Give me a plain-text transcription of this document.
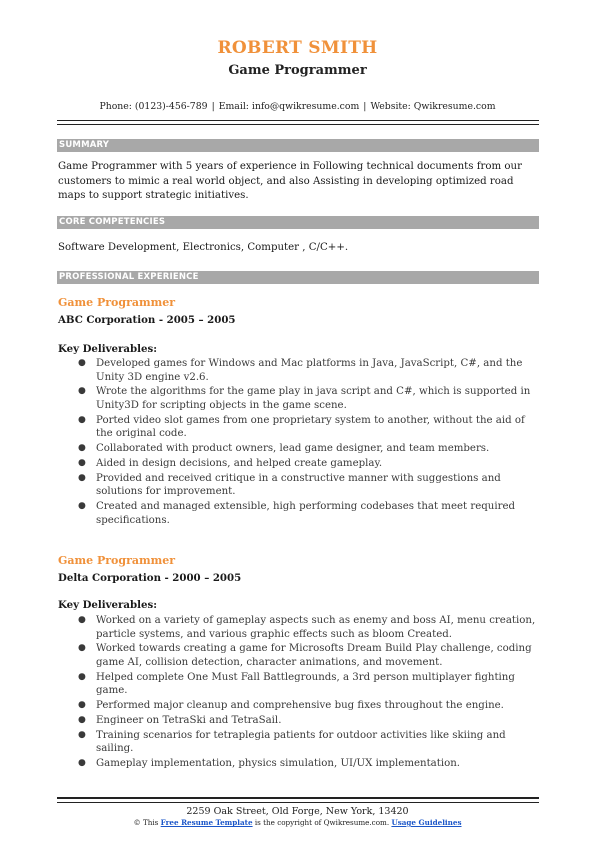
ROBERT SMITH
Game Programmer
Phone: (0123)-456-789 | Email: info@qwikresume.com | Website: Qwikresume.com
SUMMARY
Game Programmer with 5 years of experience in Following technical documents from our customers to mimic a real world object, and also Assisting in developing optimized road maps to support strategic initiatives.
CORE COMPETENCIES
Software Development, Electronics, Computer , C/C++.
PROFESSIONAL EXPERIENCE
Game Programmer
ABC Corporation - 2005 – 2005
Key Deliverables:
● Developed games for Windows and Mac platforms in Java, JavaScript, C#, and the Unity 3D engine v2.6.
● Wrote the algorithms for the game play in java script and C#, which is supported in Unity3D for scripting objects in the game scene.
● Ported video slot games from one proprietary system to another, without the aid of the original code.
● Collaborated with product owners, lead game designer, and team members.
● Aided in design decisions, and helped create gameplay.
● Provided and received critique in a constructive manner with suggestions and solutions for improvement.
● Created and managed extensible, high performing codebases that meet required specifications.
Game Programmer
Delta Corporation - 2000 – 2005
Key Deliverables:
● Worked on a variety of gameplay aspects such as enemy and boss AI, menu creation, particle systems, and various graphic effects such as bloom Created.
● Worked towards creating a game for Microsofts Dream Build Play challenge, coding game AI, collision detection, character animations, and movement.
● Helped complete One Must Fall Battlegrounds, a 3rd person multiplayer fighting game.
● Performed major cleanup and comprehensive bug fixes throughout the engine.
● Engineer on TetraSki and TetraSail.
● Training scenarios for tetraplegia patients for outdoor activities like skiing and sailing.
● Gameplay implementation, physics simulation, UI/UX implementation.
2259 Oak Street, Old Forge, New York, 13420
© This Free Resume Template is the copyright of Qwikresume.com. Usage Guidelines
